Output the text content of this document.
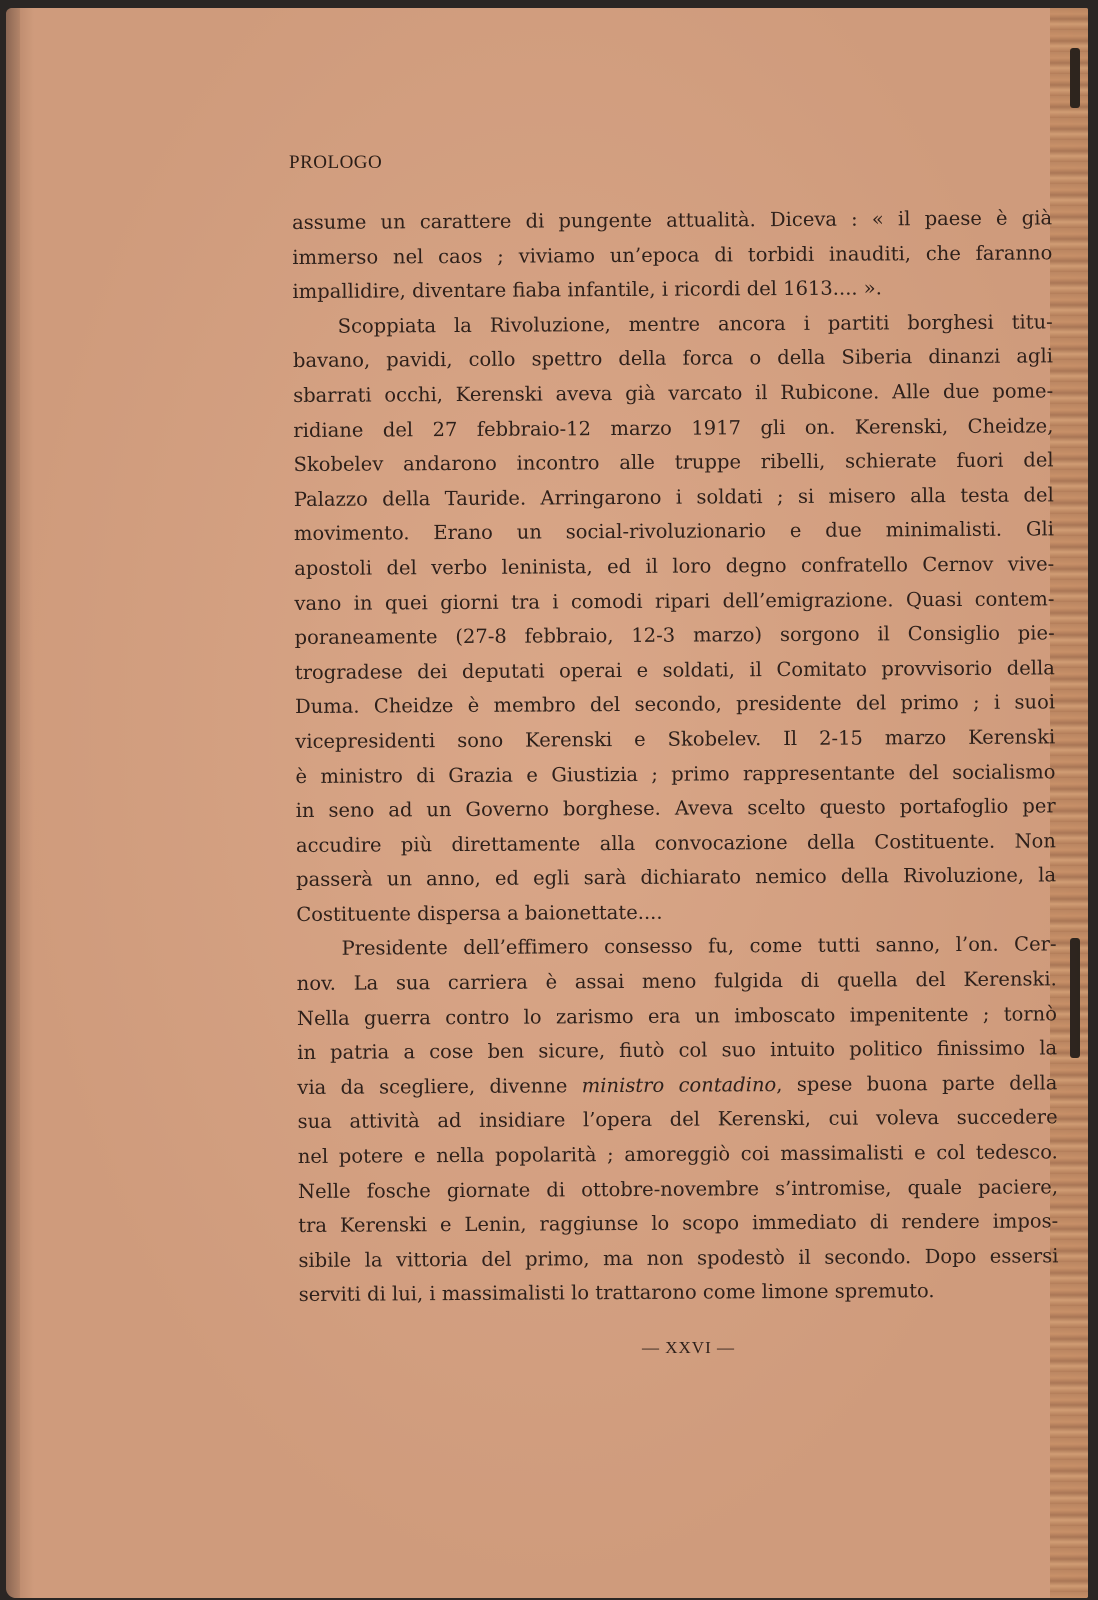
PROLOGO

assume un carattere di pungente attualità. Diceva : « il paese è già
immerso nel caos ; viviamo un’epoca di torbidi inauditi, che faranno
impallidire, diventare fiaba infantile, i ricordi del 1613.... ».

Scoppiata la Rivoluzione, mentre ancora i partiti borghesi titu-
bavano, pavidi, collo spettro della forca o della Siberia dinanzi agli
sbarrati occhi, Kerenski aveva già varcato il Rubicone. Alle due pome-
ridiane del 27 febbraio-12 marzo 1917 gli on. Kerenski, Cheidze,
Skobelev andarono incontro alle truppe ribelli, schierate fuori del
Palazzo della Tauride. Arringarono i soldati ; si misero alla testa del
movimento. Erano un social-rivoluzionario e due minimalisti. Gli
apostoli del verbo leninista, ed il loro degno confratello Cernov vive-
vano in quei giorni tra i comodi ripari dell’emigrazione. Quasi contem-
poraneamente (27-8 febbraio, 12-3 marzo) sorgono il Consiglio pie-
trogradese dei deputati operai e soldati, il Comitato provvisorio della
Duma. Cheidze è membro del secondo, presidente del primo ; i suoi
vicepresidenti sono Kerenski e Skobelev. Il 2-15 marzo Kerenski
è ministro di Grazia e Giustizia ; primo rappresentante del socialismo
in seno ad un Governo borghese. Aveva scelto questo portafoglio per
accudire più direttamente alla convocazione della Costituente. Non
passerà un anno, ed egli sarà dichiarato nemico della Rivoluzione, la
Costituente dispersa a baionettate....

Presidente dell’effimero consesso fu, come tutti sanno, l’on. Cer-
nov. La sua carriera è assai meno fulgida di quella del Kerenski.
Nella guerra contro lo zarismo era un imboscato impenitente ; tornò
in patria a cose ben sicure, fiutò col suo intuito politico finissimo la
via da scegliere, divenne ministro contadino, spese buona parte della
sua attività ad insidiare l’opera del Kerenski, cui voleva succedere
nel potere e nella popolarità ; amoreggiò coi massimalisti e col tedesco.
Nelle fosche giornate di ottobre-novembre s’intromise, quale paciere,
tra Kerenski e Lenin, raggiunse lo scopo immediato di rendere impos-
sibile la vittoria del primo, ma non spodestò il secondo. Dopo essersi
serviti di lui, i massimalisti lo trattarono come limone spremuto.

— XXVI —
